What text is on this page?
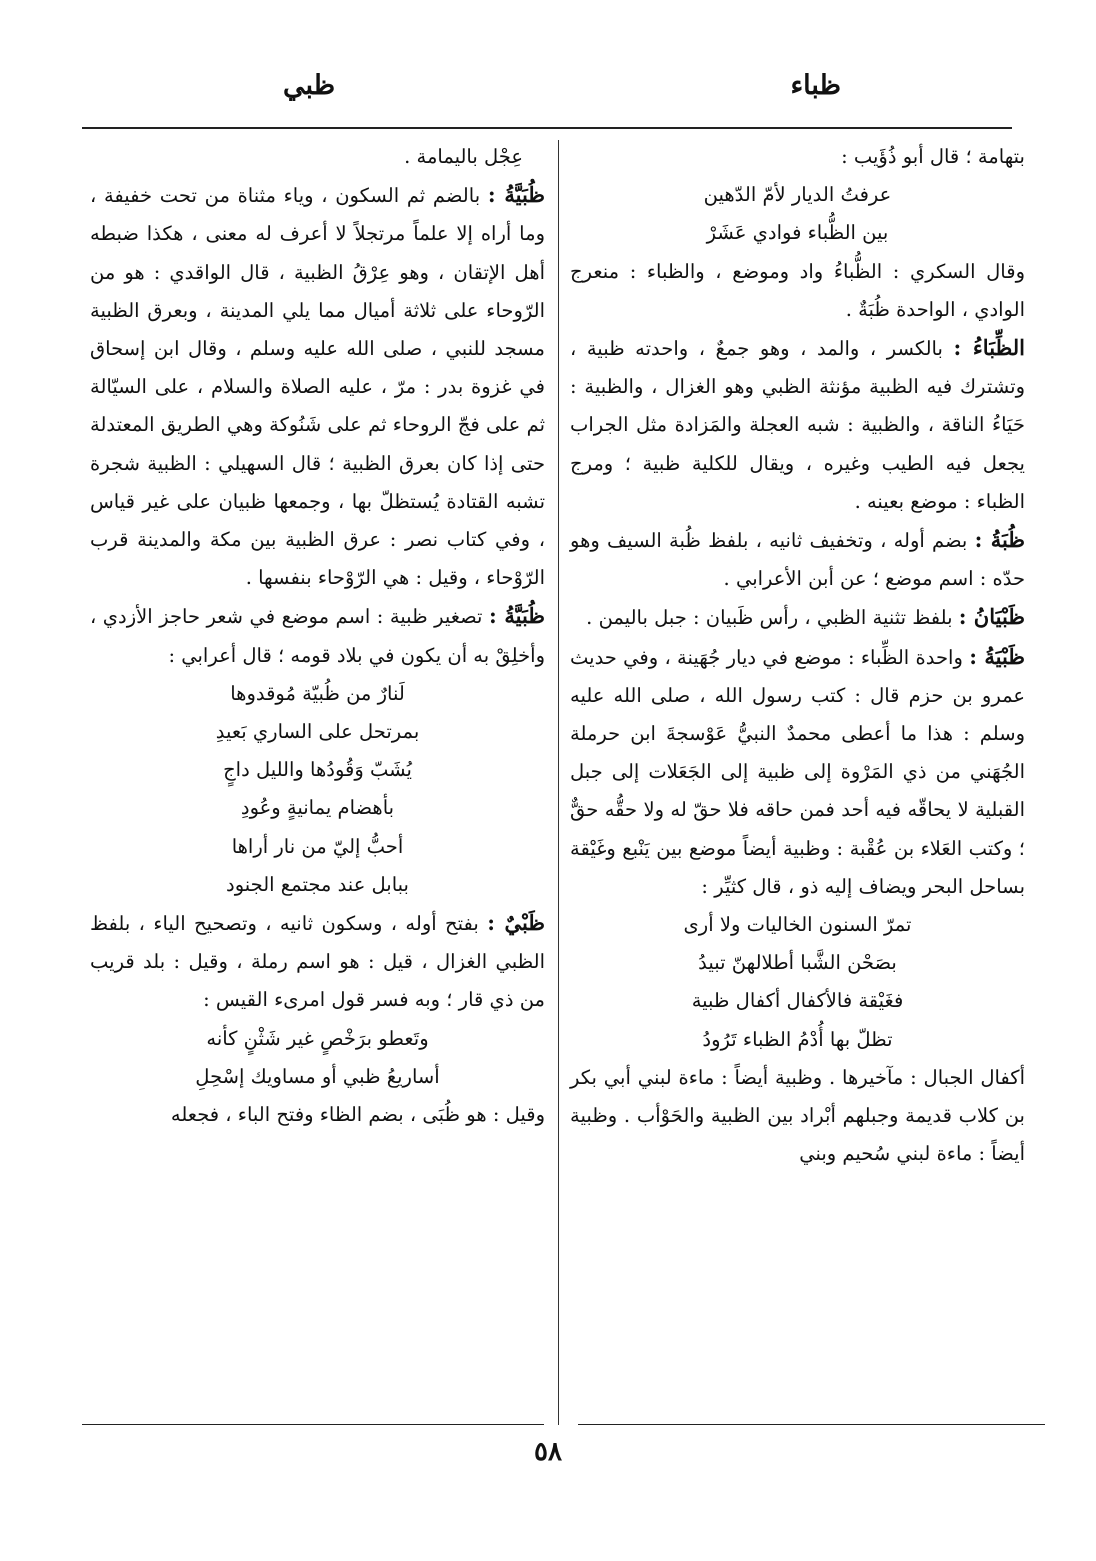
ظباء
ظبي

بتهامة ؛ قال أبو ذُؤَيب :

عرفتُ الديار لأمّ الدّهين

بين الظُّباء فوادي عَشَرْ

وقال السكري : الظُّباءُ واد وموضع ، والظباء : منعرج الوادي ، الواحدة ظُبَةٌ .

الظِّبَاءُ : بالكسر ، والمد ، وهو جمعٌ ، واحدته ظبية ، وتشترك فيه الظبية مؤنثة الظبي وهو الغزال ، والظبية : حَيَاءُ الناقة ، والظبية : شبه العجلة والمَزادة مثل الجراب يجعل فيه الطيب وغيره ، ويقال للكلية ظبية ؛ ومرج الظباء : موضع بعينه .

ظُبَةُ : بضم أوله ، وتخفيف ثانيه ، بلفظ ظُبة السيف وهو حدّه : اسم موضع ؛ عن أبن الأعرابي .

ظَبْيَانُ : بلفظ تثنية الظبي ، رأس ظَبيان : جبل باليمن .

ظَبْيَةُ : واحدة الظِّباء : موضع في ديار جُهَينة ، وفي حديث عمرو بن حزم قال : كتب رسول الله ، صلى الله عليه وسلم : هذا ما أعطى محمدٌ النبيُّ عَوْسجةَ ابن حرملة الجُهَني من ذي المَرْوة إلى ظبية إلى الجَعَلات إلى جبل القبلية لا يحاقّه فيه أحد فمن حاقه فلا حقّ له ولا حقُّه حقٌّ ؛ وكتب العَلاء بن عُقْبة : وظبية أيضاً موضع بين يَنْبع وغَيْقة بساحل البحر ويضاف إليه ذو ، قال كثيِّر :

تمرّ السنون الخاليات ولا أرى

بصَحْن الشَّبا أطلالهنّ تبيدُ

فغَيْقة فالأكفال أكفال ظبية

تظلّ بها أُدْمُ الظباء تَرُودُ

أكفال الجبال : مآخيرها . وظبية أيضاً : ماءة لبني أبي بكر بن كلاب قديمة وجبلهم أبْراد بين الظبية والحَوْأب . وظبية أيضاً : ماءة لبني سُحيم وبني

عِجْل باليمامة .

ظُبَيَّةُ : بالضم ثم السكون ، وياء مثناة من تحت خفيفة ، وما أراه إلا علماً مرتجلاً لا أعرف له معنى ، هكذا ضبطه أهل الإتقان ، وهو عِرْقُ الظبية ، قال الواقدي : هو من الرّوحاء على ثلاثة أميال مما يلي المدينة ، وبعرق الظبية مسجد للنبي ، صلى الله عليه وسلم ، وقال ابن إسحاق في غزوة بدر : مرّ ، عليه الصلاة والسلام ، على السيّالة ثم على فجّ الروحاء ثم على شَنُوكة وهي الطريق المعتدلة حتى إذا كان بعرق الظبية ؛ قال السهيلي : الظبية شجرة تشبه القتادة يُستظلّ بها ، وجمعها ظبيان على غير قياس ، وفي كتاب نصر : عرق الظبية بين مكة والمدينة قرب الرّوْحاء ، وقيل : هي الرّوْحاء بنفسها .

ظُبَيَّةُ : تصغير ظبية : اسم موضع في شعر حاجز الأزدي ، وأخلِقْ به أن يكون في بلاد قومه ؛ قال أعرابي :

لَنارٌ من ظُبيّة مُوقدوها

بمرتحل على الساري بَعيدِ

يُشَبّ وَقُودُها والليل داجٍ

بأهضام يمانيةٍ وعُودِ

أحبُّ إليّ من نار أراها

ببابل عند مجتمع الجنود

ظَبْيٌ : بفتح أوله ، وسكون ثانيه ، وتصحيح الياء ، بلفظ الظبي الغزال ، قيل : هو اسم رملة ، وقيل : بلد قريب من ذي قار ؛ وبه فسر قول امرىء القيس :

وتَعطو برَخْصٍ غير شَثْنٍ كأنه

أساريعُ ظبي أو مساويك إسْحِلِ

وقيل : هو ظُبَى ، بضم الظاء وفتح الباء ، فجعله

٥٨
